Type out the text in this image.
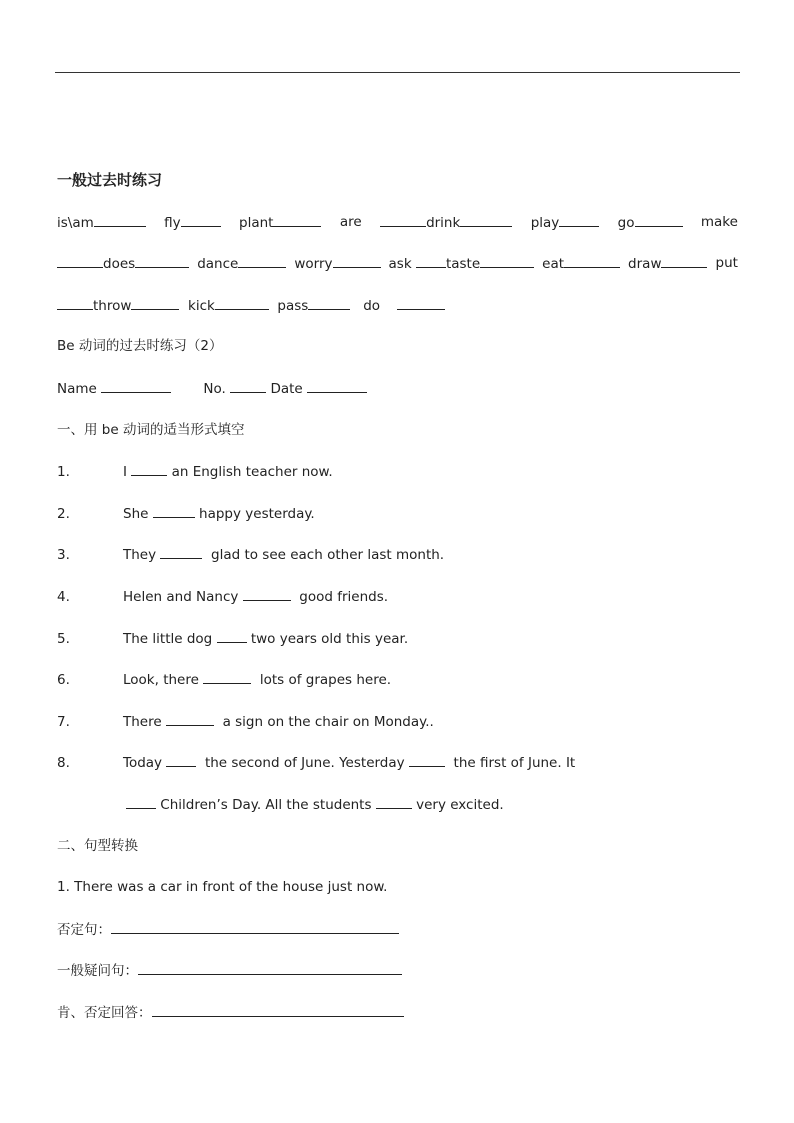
一般过去时练习
is\am	fly	plant	are	drink	play	go	make
does	dance	worry	ask	taste	eat	draw	put
throw	kick	pass	do
Be 动词的过去时练习（2）
Name	No.	Date
一、用 be 动词的适当形式填空
1.	I	an English teacher now.
2.	She	happy yesterday.
3.	They	glad to see each other last month.
4.	Helen and Nancy	good friends.
5.	The little dog	two years old this year.
6.	Look, there	lots of grapes here.
7.	There	a sign on the chair on Monday..
8.	Today	the second of June. Yesterday	the first of June. It
Children’s Day. All the students	very excited.
二、句型转换
1. There was a car in front of the house just now.
否定句：
一般疑问句：
肯、否定回答：
